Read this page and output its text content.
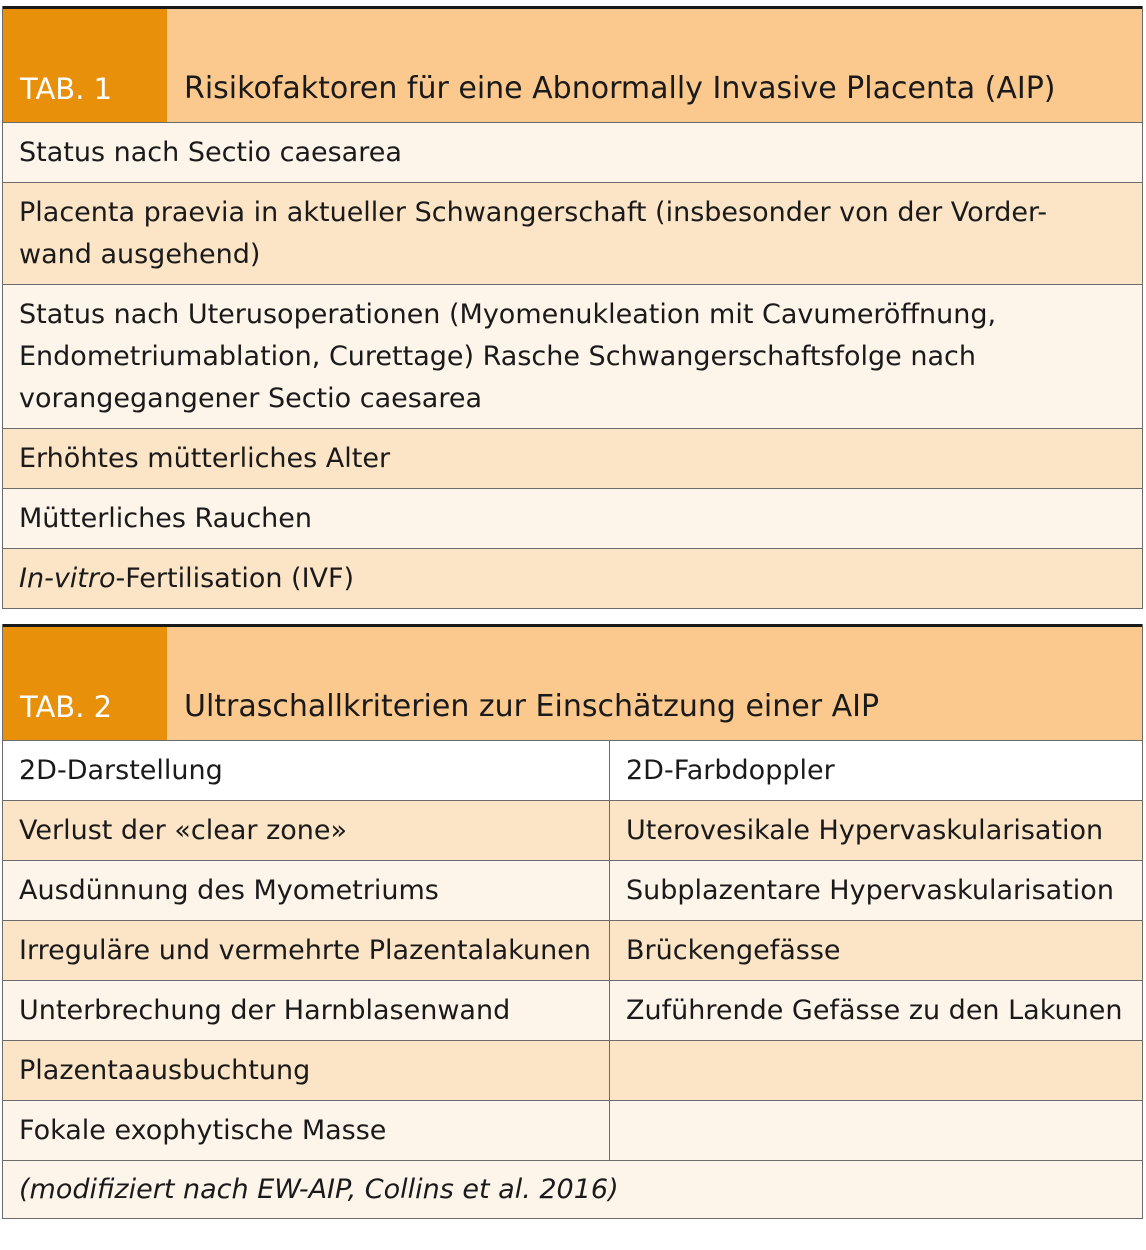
TAB. 1	Risikofaktoren für eine Abnormally Invasive Placenta (AIP)
Status nach Sectio caesarea
Placenta praevia in aktueller Schwangerschaft (insbesonder von der Vorder-
wand ausgehend)
Status nach Uterusoperationen (Myomenukleation mit Cavumeröffnung,
Endometriumablation, Curettage) Rasche Schwangerschaftsfolge nach
vorangegangener Sectio caesarea
Erhöhtes mütterliches Alter
Mütterliches Rauchen
In-vitro-Fertilisation (IVF)
TAB. 2	Ultraschallkriterien zur Einschätzung einer AIP
2D-Darstellung	2D-Farbdoppler
Verlust der «clear zone»	Uterovesikale Hypervaskularisation
Ausdünnung des Myometriums	Subplazentare Hypervaskularisation
Irreguläre und vermehrte Plazentalakunen	Brückengefässe
Unterbrechung der Harnblasenwand	Zuführende Gefässe zu den Lakunen
Plazentaausbuchtung
Fokale exophytische Masse
(modifiziert nach EW-AIP, Collins et al. 2016)
